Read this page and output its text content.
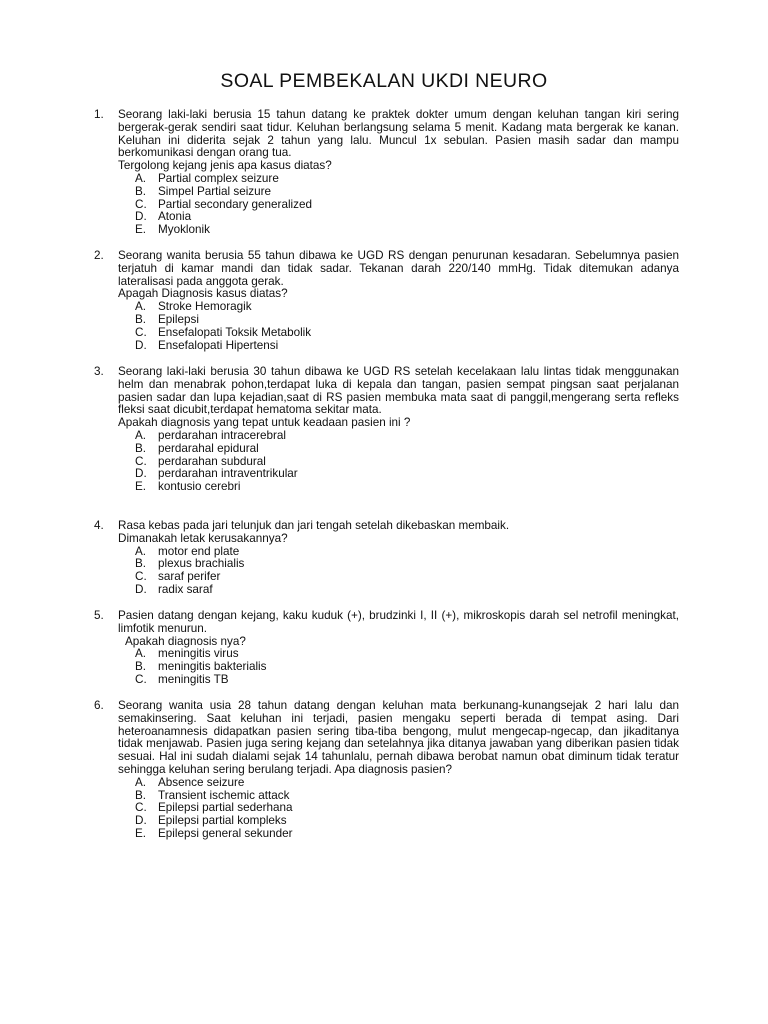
SOAL PEMBEKALAN UKDI NEURO
1. Seorang laki-laki berusia 15 tahun datang ke praktek dokter umum dengan keluhan tangan kiri sering bergerak-gerak sendiri saat tidur. Keluhan berlangsung selama 5 menit. Kadang mata bergerak ke kanan. Keluhan ini diderita sejak 2 tahun yang lalu. Muncul 1x sebulan. Pasien masih sadar dan mampu berkomunikasi dengan orang tua.
Tergolong kejang jenis apa kasus diatas?
A. Partial complex seizure
B. Simpel Partial seizure
C. Partial secondary generalized
D. Atonia
E. Myoklonik
2. Seorang wanita berusia 55 tahun dibawa ke UGD RS dengan penurunan kesadaran. Sebelumnya pasien terjatuh di kamar mandi dan tidak sadar. Tekanan darah 220/140 mmHg. Tidak ditemukan adanya lateralisasi pada anggota gerak.
Apagah Diagnosis kasus diatas?
A. Stroke Hemoragik
B. Epilepsi
C. Ensefalopati Toksik Metabolik
D. Ensefalopati Hipertensi
3. Seorang laki-laki berusia 30 tahun dibawa ke UGD RS setelah kecelakaan lalu lintas tidak menggunakan helm dan menabrak pohon,terdapat luka di kepala dan tangan, pasien sempat pingsan saat perjalanan pasien sadar dan lupa kejadian,saat di RS pasien membuka mata saat di panggil,mengerang serta refleks fleksi saat dicubit,terdapat hematoma sekitar mata.
Apakah diagnosis yang tepat untuk keadaan pasien ini ?
A. perdarahan intracerebral
B. perdarahal epidural
C. perdarahan subdural
D. perdarahan intraventrikular
E. kontusio cerebri
4. Rasa kebas pada jari telunjuk dan jari tengah setelah dikebaskan membaik.
Dimanakah letak kerusakannya?
A. motor end plate
B. plexus brachialis
C. saraf perifer
D. radix saraf
5. Pasien datang dengan kejang, kaku kuduk (+), brudzinki I, II (+), mikroskopis darah sel netrofil meningkat, limfotik menurun.
Apakah diagnosis nya?
A. meningitis virus
B. meningitis bakterialis
C. meningitis TB
6. Seorang wanita usia 28 tahun datang dengan keluhan mata berkunang-kunangsejak 2 hari lalu dan semakinsering. Saat keluhan ini terjadi, pasien mengaku seperti berada di tempat asing. Dari heteroanamnesis didapatkan pasien sering tiba-tiba bengong, mulut mengecap-ngecap, dan jikaditanya tidak menjawab. Pasien juga sering kejang dan setelahnya jika ditanya jawaban yang diberikan pasien tidak sesuai. Hal ini sudah dialami sejak 14 tahunlalu, pernah dibawa berobat namun obat diminum tidak teratur sehingga keluhan sering berulang terjadi. Apa diagnosis pasien?
A. Absence seizure
B. Transient ischemic attack
C. Epilepsi partial sederhana
D. Epilepsi partial kompleks
E. Epilepsi general sekunder
